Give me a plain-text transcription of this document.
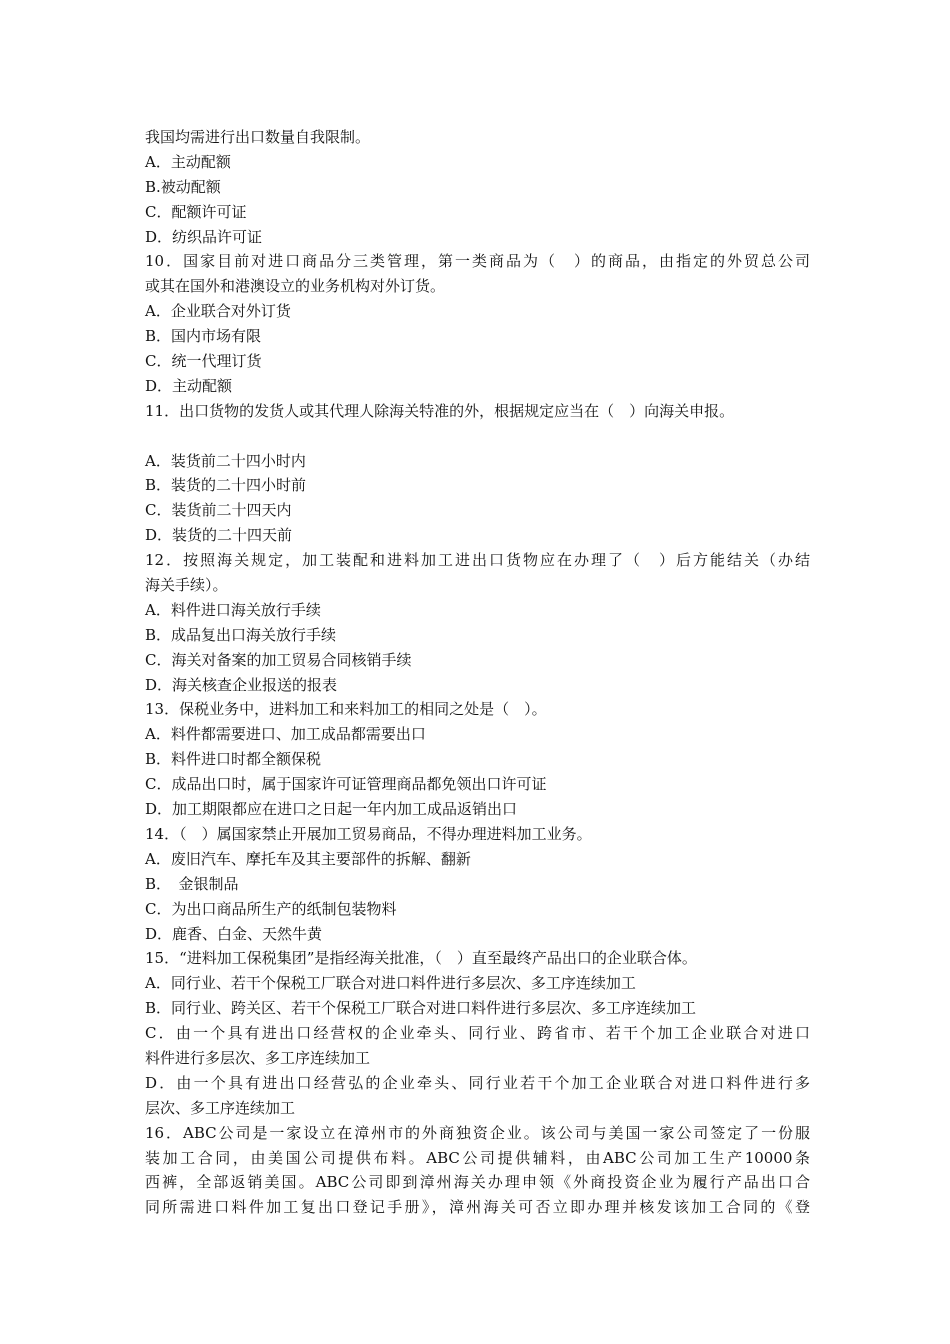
我国均需进行出口数量自我限制。
A．主动配额
B.被动配额
C．配额许可证
D．纺织品许可证
10．国家目前对进口商品分三类管理，第一类商品为（　）的商品，由指定的外贸总公司
或其在国外和港澳设立的业务机构对外订货。
A．企业联合对外订货
B．国内市场有限
C．统一代理订货
D．主动配额
11．出口货物的发货人或其代理人除海关特准的外，根据规定应当在（　）向海关申报。
A．装货前二十四小时内
B．装货的二十四小时前
C．装货前二十四天内
D．装货的二十四天前
12．按照海关规定，加工装配和进料加工进出口货物应在办理了（　）后方能结关（办结
海关手续）。
A．料件进口海关放行手续
B．成品复出口海关放行手续
C．海关对备案的加工贸易合同核销手续
D．海关核查企业报送的报表
13．保税业务中，进料加工和来料加工的相同之处是（　）。
A．料件都需要进口、加工成品都需要出口
B．料件进口时都全额保税
C．成品出口时，属于国家许可证管理商品都免领出口许可证
D．加工期限都应在进口之日起一年内加工成品返销出口
14．（　）属国家禁止开展加工贸易商品，不得办理进料加工业务。
A．废旧汽车、摩托车及其主要部件的拆解、翻新
B．　金银制品
C．为出口商品所生产的纸制包装物料
D．鹿香、白金、天然牛黄
15．“进料加工保税集团”是指经海关批准，（　）直至最终产品出口的企业联合体。
A．同行业、若干个保税工厂联合对进口料件进行多层次、多工序连续加工
B．同行业、跨关区、若干个保税工厂联合对进口料件进行多层次、多工序连续加工
C．由一个具有进出口经营权的企业牵头、同行业、跨省市、若干个加工企业联合对进口
料件进行多层次、多工序连续加工
D．由一个具有进出口经营弘的企业牵头、同行业若干个加工企业联合对进口料件进行多
层次、多工序连续加工
16．ABC公司是一家设立在漳州市的外商独资企业。该公司与美国一家公司签定了一份服
装加工合同，由美国公司提供布料。ABC公司提供辅料，由ABC公司加工生产10000条
西裤，全部返销美国。ABC公司即到漳州海关办理申领《外商投资企业为履行产品出口合
同所需进口料件加工复出口登记手册》，漳州海关可否立即办理并核发该加工合同的《登
